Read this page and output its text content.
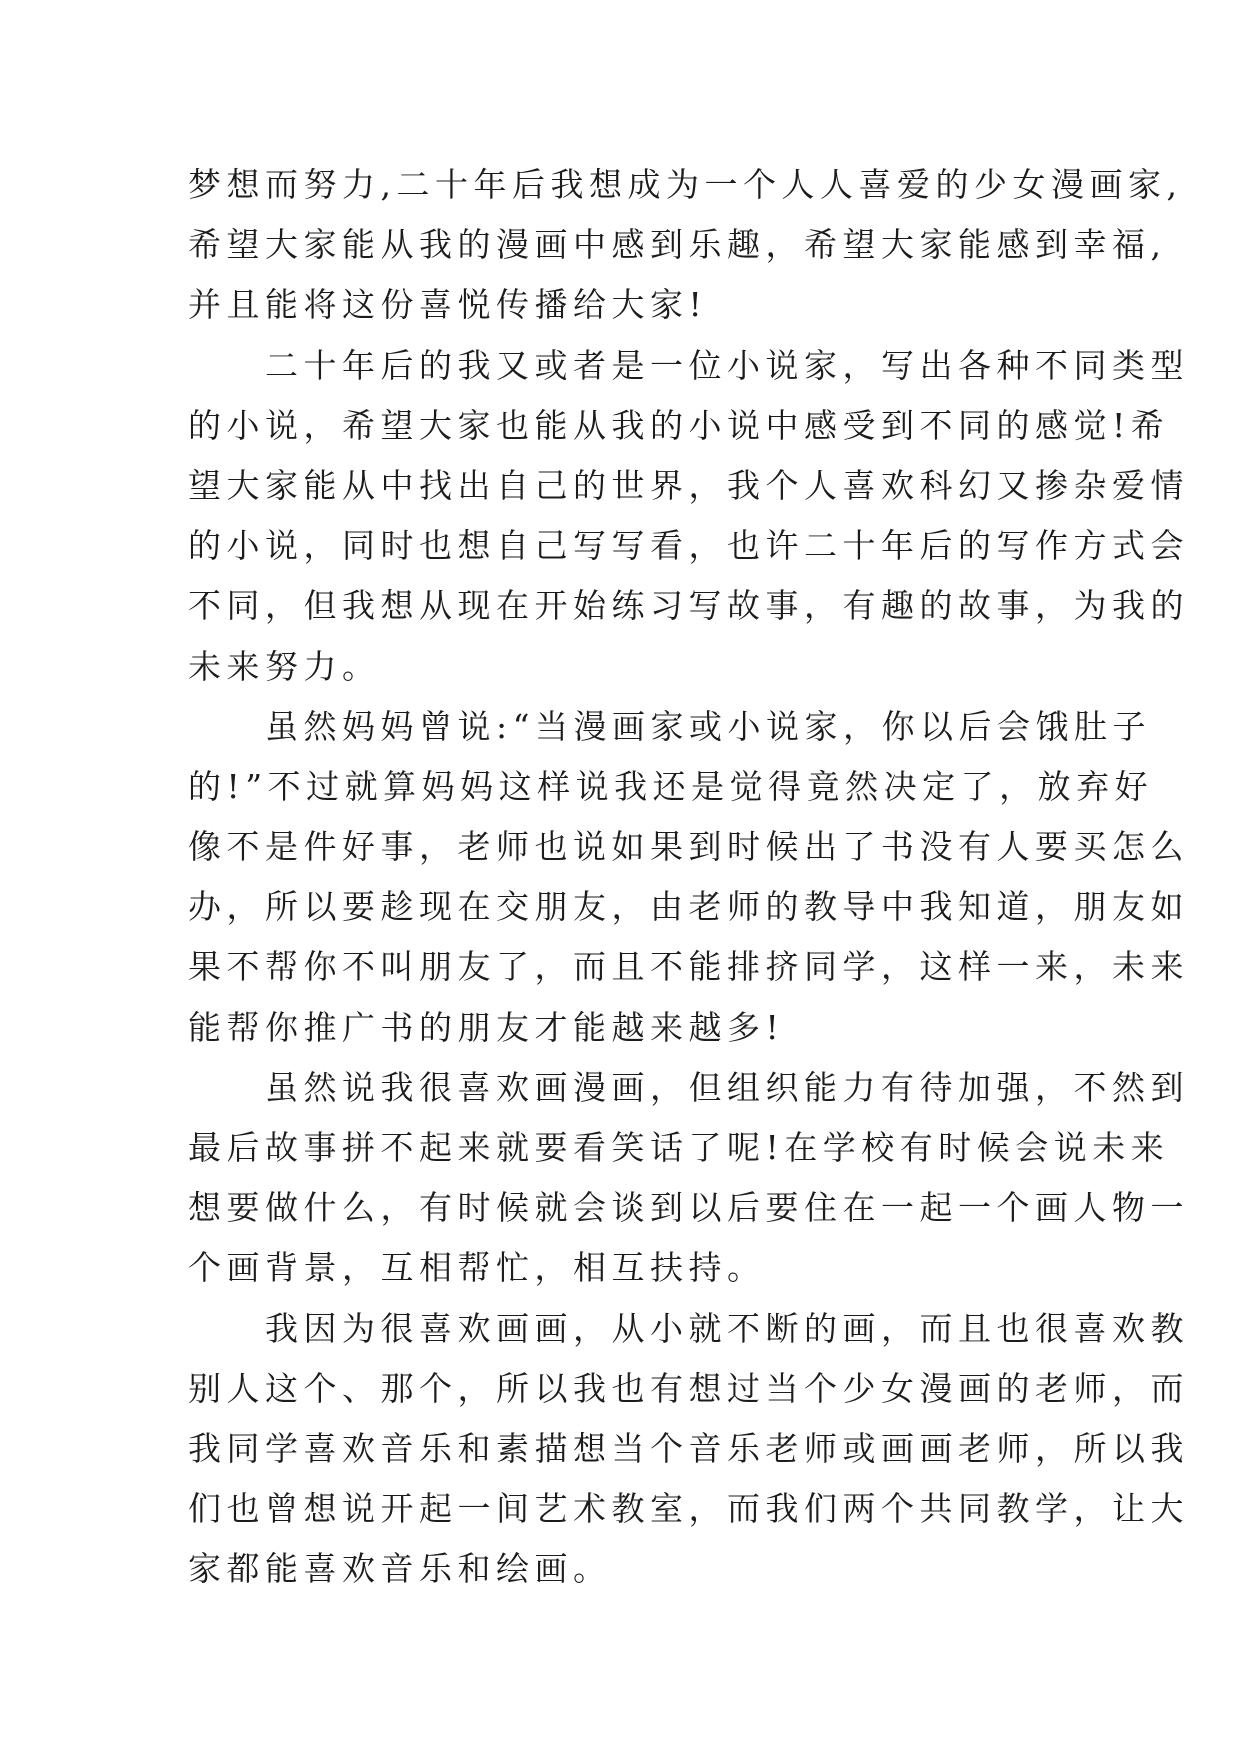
梦想而努力,二十年后我想成为一个人人喜爱的少女漫画家,
希望大家能从我的漫画中感到乐趣，希望大家能感到幸福,
并且能将这份喜悦传播给大家!
　　二十年后的我又或者是一位小说家，写出各种不同类型
的小说，希望大家也能从我的小说中感受到不同的感觉!希
望大家能从中找出自己的世界，我个人喜欢科幻又掺杂爱情
的小说，同时也想自己写写看，也许二十年后的写作方式会
不同，但我想从现在开始练习写故事，有趣的故事，为我的
未来努力。
　　虽然妈妈曾说:“当漫画家或小说家，你以后会饿肚子
的!”不过就算妈妈这样说我还是觉得竟然决定了，放弃好
像不是件好事，老师也说如果到时候出了书没有人要买怎么
办，所以要趁现在交朋友，由老师的教导中我知道，朋友如
果不帮你不叫朋友了，而且不能排挤同学，这样一来，未来
能帮你推广书的朋友才能越来越多!
　　虽然说我很喜欢画漫画，但组织能力有待加强，不然到
最后故事拼不起来就要看笑话了呢!在学校有时候会说未来
想要做什么，有时候就会谈到以后要住在一起一个画人物一
个画背景，互相帮忙，相互扶持。
　　我因为很喜欢画画，从小就不断的画，而且也很喜欢教
别人这个、那个，所以我也有想过当个少女漫画的老师，而
我同学喜欢音乐和素描想当个音乐老师或画画老师，所以我
们也曾想说开起一间艺术教室，而我们两个共同教学，让大
家都能喜欢音乐和绘画。
